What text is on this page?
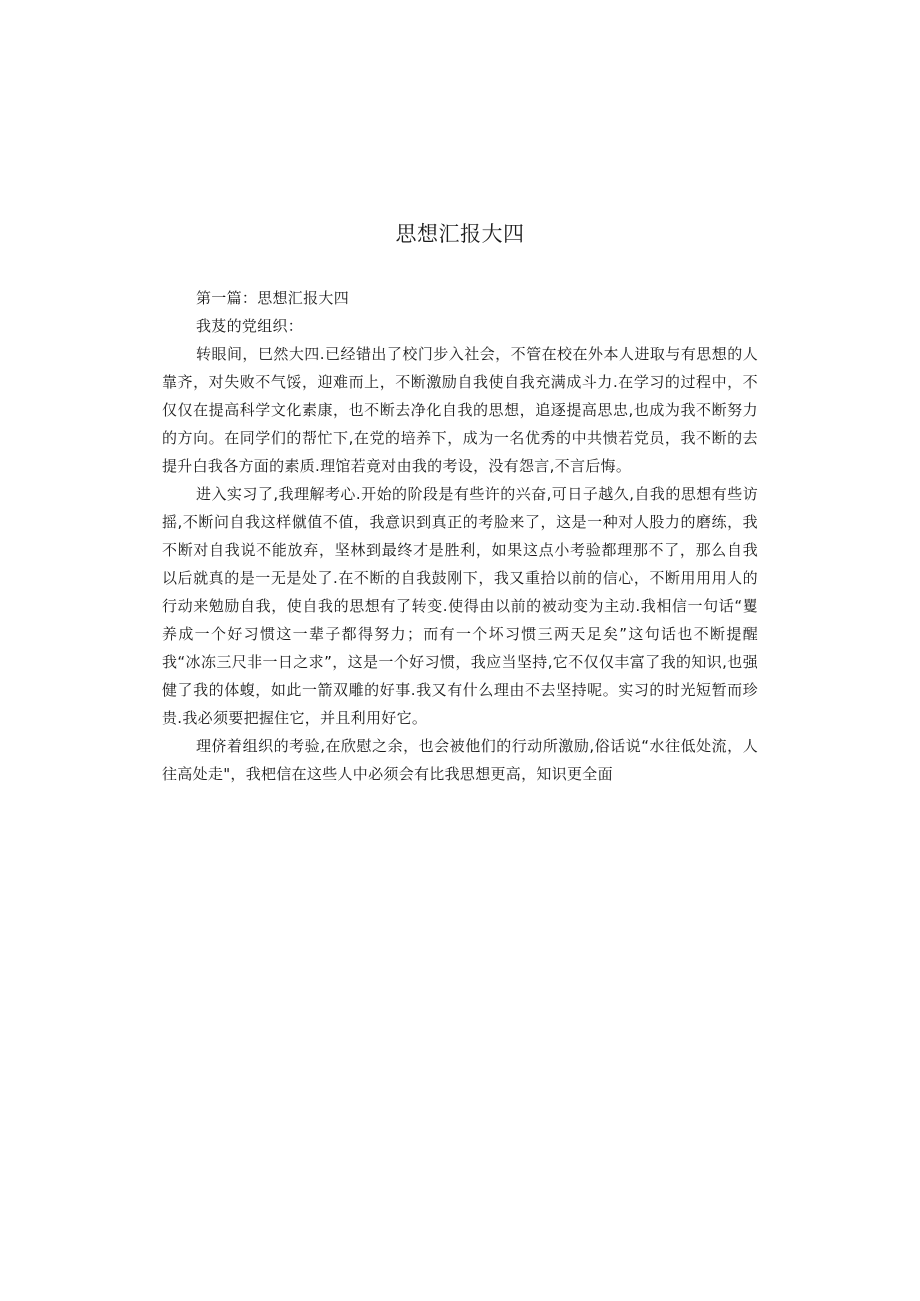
思想汇报大四

第一篇：思想汇报大四

我芨的党组织：

转眼间，巳然大四.已经错出了校门步入社会，不管在校在外本人进取与有思想的人靠齐，对失败不气馁，迎难而上，不断激励自我使自我充满成斗力.在学习的过程中，不仅仅在提高科学文化素康，也不断去净化自我的思想，追逐提高思忠,也成为我不断努力的方向。在同学们的帮忙下,在党的培养下，成为一名优秀的中共愦若党员，我不断的去提升白我各方面的素质.理馆若竟对由我的考设，没有怨言,不言后悔。

进入实习了,我理解考心.开始的阶段是有些许的兴奋,可日子越久,自我的思想有些访摇,不断问自我这样僦值不值，我意识到真正的考脸来了，这是一种对人股力的磨练，我不断对自我说不能放弃，坚林到最终才是胜利，如果这点小考验都理那不了，那么自我以后就真的是一无是处了.在不断的自我鼓刚下，我又重拾以前的信心，不断用用用人的行动来勉励自我，使自我的思想有了转变.使得由以前的被动变为主动.我相信一句话“矍养成一个好习惯这一辈子都得努力；而有一个坏习惯三两天足矣”这句话也不断提醒我“冰冻三尺非一日之求”，这是一个好习惯，我应当坚持,它不仅仅丰富了我的知识,也强健了我的体蝮，如此一箭双雕的好事.我又有什么理由不去坚持呢。实习的时光短暂而珍贵.我必须要把握住它，并且利用好它。

理侪着组织的考验,在欣慰之余，也会被他们的行动所激励,俗话说“水往低处流，人往高处走"，我杷信在这些人中必须会有比我思想更高，知识更全面
